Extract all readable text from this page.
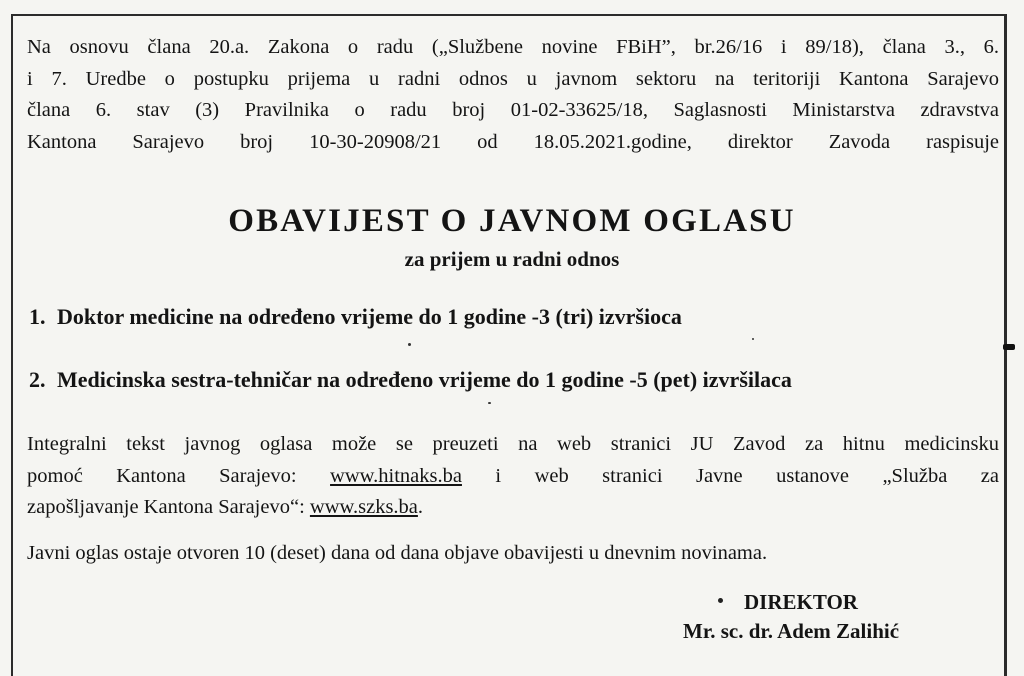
Na osnovu člana 20.a. Zakona o radu („Službene novine FBiH”, br.26/16 i 89/18), člana 3., 6.
i 7. Uredbe o postupku prijema u radni odnos u javnom sektoru na teritoriji Kantona Sarajevo
člana 6. stav (3) Pravilnika o radu broj 01-02-33625/18, Saglasnosti Ministarstva zdravstva
Kantona Sarajevo broj 10-30-20908/21 od 18.05.2021.godine, direktor Zavoda raspisuje

OBAVIJEST O JAVNOM OGLASU
za prijem u radni odnos

1. Doktor medicine na određeno vrijeme do 1 godine -3 (tri) izvršioca

2. Medicinska sestra-tehničar na određeno vrijeme do 1 godine -5 (pet) izvršilaca

Integralni tekst javnog oglasa može se preuzeti na web stranici JU Zavod za hitnu medicinsku
pomoć Kantona Sarajevo: www.hitnaks.ba i web stranici Javne ustanove „Služba za
zapošljavanje Kantona Sarajevo“: www.szks.ba.

Javni oglas ostaje otvoren 10 (deset) dana od dana objave obavijesti u dnevnim novinama.

DIREKTOR

Mr. sc. dr. Adem Zalihić
